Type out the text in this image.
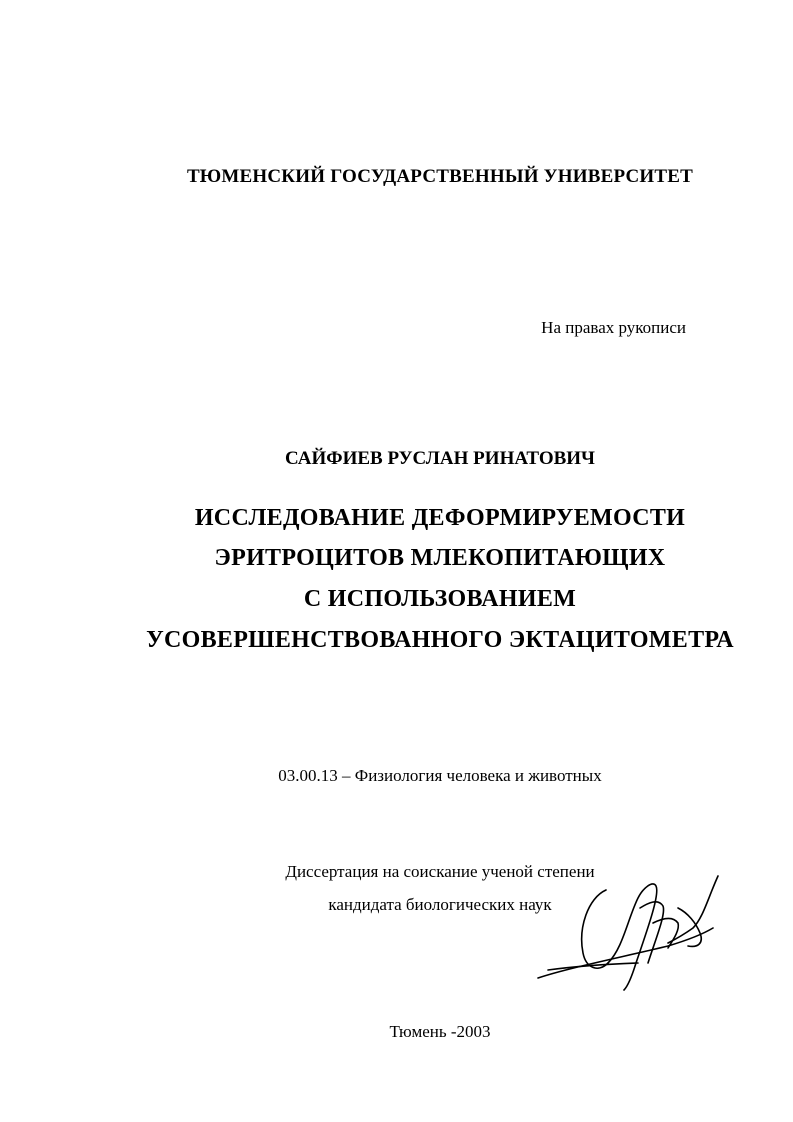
ТЮМЕНСКИЙ ГОСУДАРСТВЕННЫЙ УНИВЕРСИТЕТ
На правах рукописи
САЙФИЕВ РУСЛАН РИНАТОВИЧ
ИССЛЕДОВАНИЕ ДЕФОРМИРУЕМОСТИ
ЭРИТРОЦИТОВ МЛЕКОПИТАЮЩИХ
С ИСПОЛЬЗОВАНИЕМ
УСОВЕРШЕНСТВОВАННОГО ЭКТАЦИТОМЕТРА
03.00.13 – Физиология человека и животных
Диссертация на соискание ученой степени
кандидата биологических наук
Тюмень -2003
